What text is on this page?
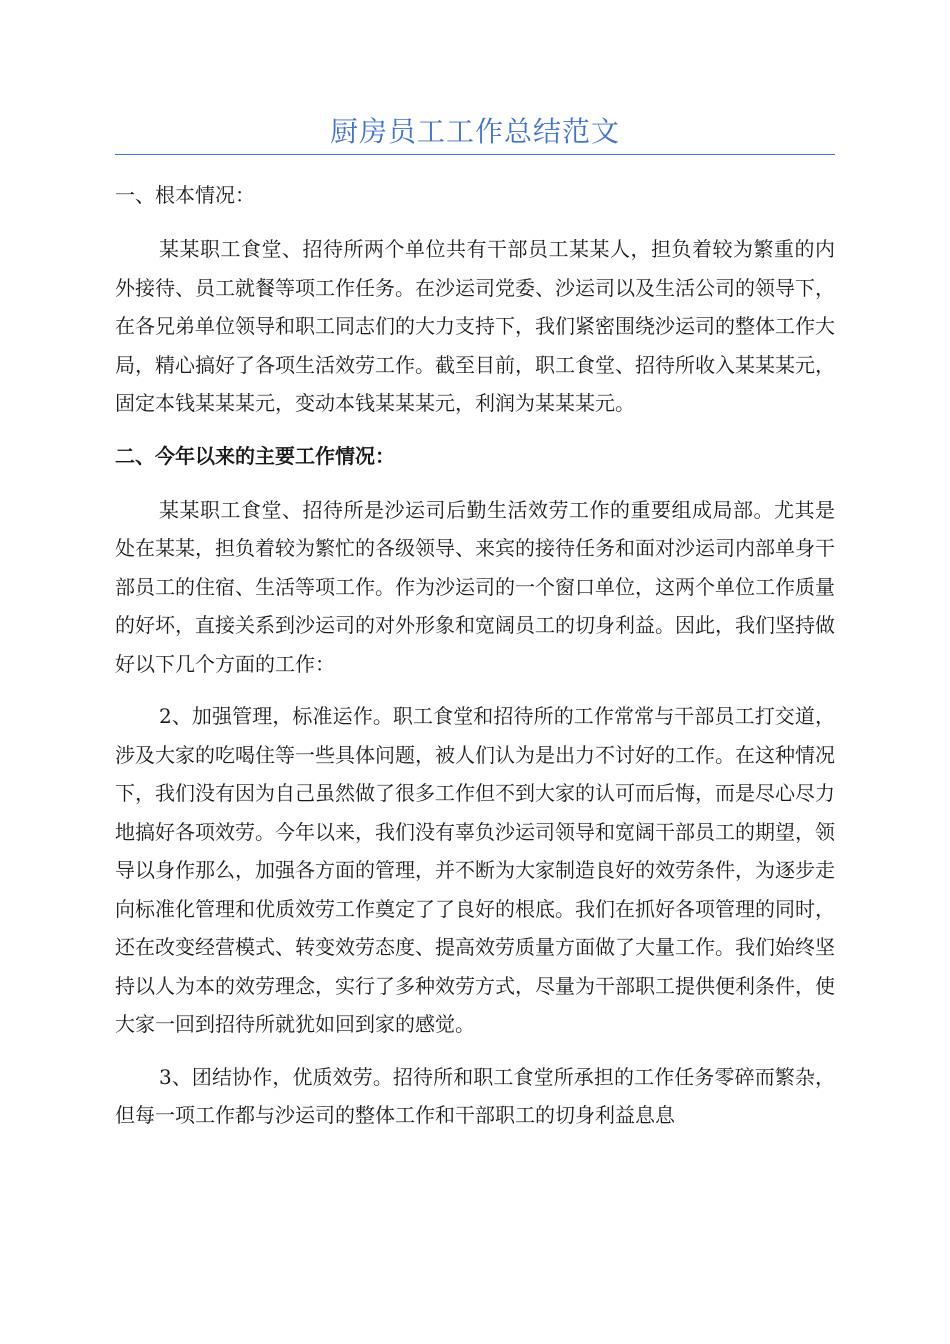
厨房员工工作总结范文

一、根本情况：

某某职工食堂、招待所两个单位共有干部员工某某人，担负着较为繁重的内外接待、员工就餐等项工作任务。在沙运司党委、沙运司以及生活公司的领导下，在各兄弟单位领导和职工同志们的大力支持下，我们紧密围绕沙运司的整体工作大局，精心搞好了各项生活效劳工作。截至目前，职工食堂、招待所收入某某某元，固定本钱某某某元，变动本钱某某某元，利润为某某某元。

二、今年以来的主要工作情况：

某某职工食堂、招待所是沙运司后勤生活效劳工作的重要组成局部。尤其是处在某某，担负着较为繁忙的各级领导、来宾的接待任务和面对沙运司内部单身干部员工的住宿、生活等项工作。作为沙运司的一个窗口单位，这两个单位工作质量的好坏，直接关系到沙运司的对外形象和宽阔员工的切身利益。因此，我们坚持做好以下几个方面的工作：

2、加强管理，标准运作。职工食堂和招待所的工作常常与干部员工打交道，涉及大家的吃喝住等一些具体问题，被人们认为是出力不讨好的工作。在这种情况下，我们没有因为自己虽然做了很多工作但不到大家的认可而后悔，而是尽心尽力地搞好各项效劳。今年以来，我们没有辜负沙运司领导和宽阔干部员工的期望，领导以身作那么，加强各方面的管理，并不断为大家制造良好的效劳条件，为逐步走向标准化管理和优质效劳工作奠定了了良好的根底。我们在抓好各项管理的同时，还在改变经营模式、转变效劳态度、提高效劳质量方面做了大量工作。我们始终坚持以人为本的效劳理念，实行了多种效劳方式，尽量为干部职工提供便利条件，使大家一回到招待所就犹如回到家的感觉。

3、团结协作，优质效劳。招待所和职工食堂所承担的工作任务零碎而繁杂，但每一项工作都与沙运司的整体工作和干部职工的切身利益息息
